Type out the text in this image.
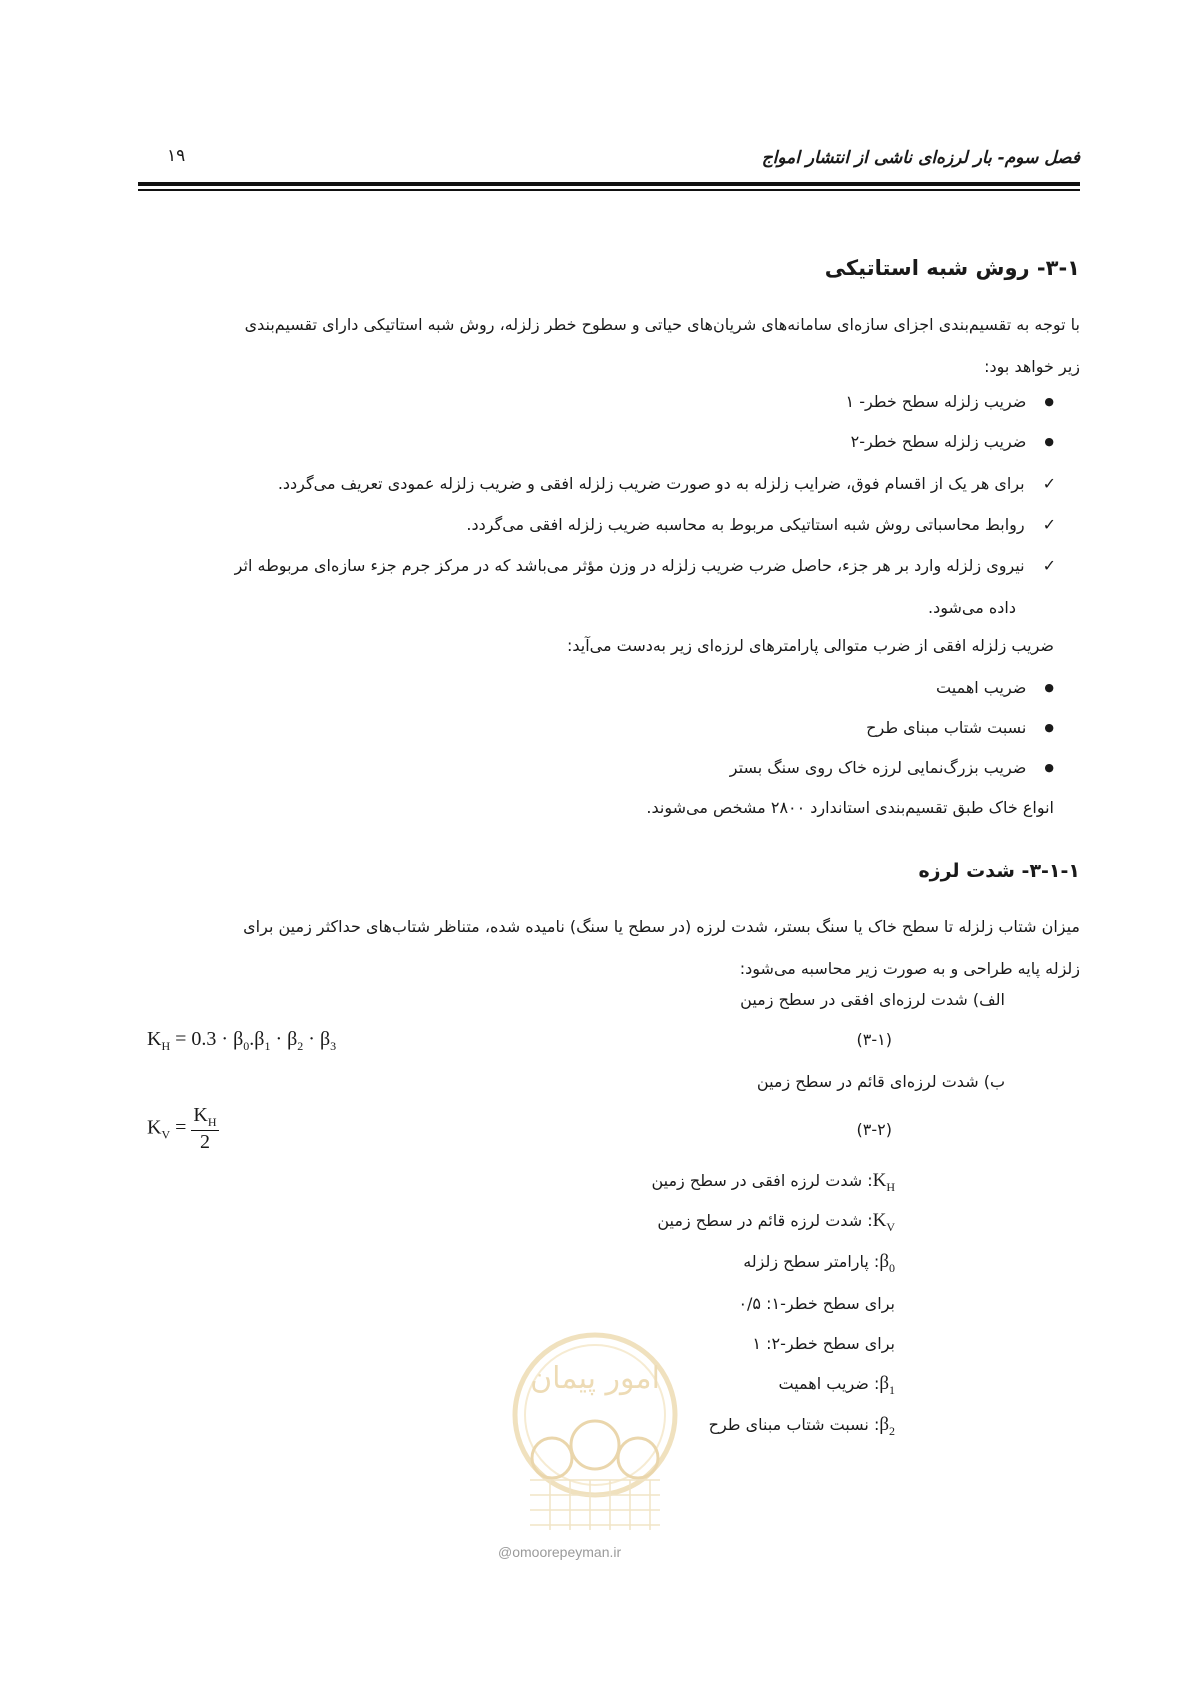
فصل سوم- بار لرزه‌ای ناشی از انتشار امواج
۱۹
۳-۱- روش شبه استاتیکی
با توجه به تقسیم‌بندی اجزای سازه‌ای سامانه‌های شریان‌های حیاتی و سطوح خطر زلزله، روش شبه استاتیکی دارای تقسیم‌بندی
زیر خواهد بود:
● ضریب زلزله سطح خطر- ۱
● ضریب زلزله سطح خطر-۲
✓ برای هر یک از اقسام فوق، ضرایب زلزله به دو صورت ضریب زلزله افقی و ضریب زلزله عمودی تعریف می‌گردد.
✓ روابط محاسباتی روش شبه استاتیکی مربوط به محاسبه ضریب زلزله افقی می‌گردد.
✓ نیروی زلزله وارد بر هر جزء، حاصل ضرب ضریب زلزله در وزن مؤثر می‌باشد که در مرکز جرم جزء سازه‌ای مربوطه اثر
داده می‌شود.
ضریب زلزله افقی از ضرب متوالی پارامترهای لرزه‌ای زیر به‌دست می‌آید:
● ضریب اهمیت
● نسبت شتاب مبنای طرح
● ضریب بزرگ‌نمایی لرزه خاک روی سنگ بستر
انواع خاک طبق تقسیم‌بندی استاندارد ۲۸۰۰ مشخص می‌شوند.
۳-۱-۱- شدت لرزه
میزان شتاب زلزله تا سطح خاک یا سنگ بستر، شدت لرزه (در سطح یا سنگ) نامیده شده، متناظر شتاب‌های حداکثر زمین برای
زلزله پایه طراحی و به صورت زیر محاسبه می‌شود:
الف) شدت لرزه‌ای افقی در سطح زمین
$K_H = 0.3 \cdot \beta_0.\beta_1 \cdot \beta_2 \cdot \beta_3$	(۳-۱)
ب) شدت لرزه‌ای قائم در سطح زمین
$K_V = \frac{K_H}{2}$	(۳-۲)
$K_H$: شدت لرزه افقی در سطح زمین
$K_V$: شدت لرزه قائم در سطح زمین
$\beta_0$: پارامتر سطح زلزله
برای سطح خطر-۱: ۰/۵
برای سطح خطر-۲: ۱
$\beta_1$: ضریب اهمیت
$\beta_2$: نسبت شتاب مبنای طرح
امور پیمان
@omoorepeyman.ir
